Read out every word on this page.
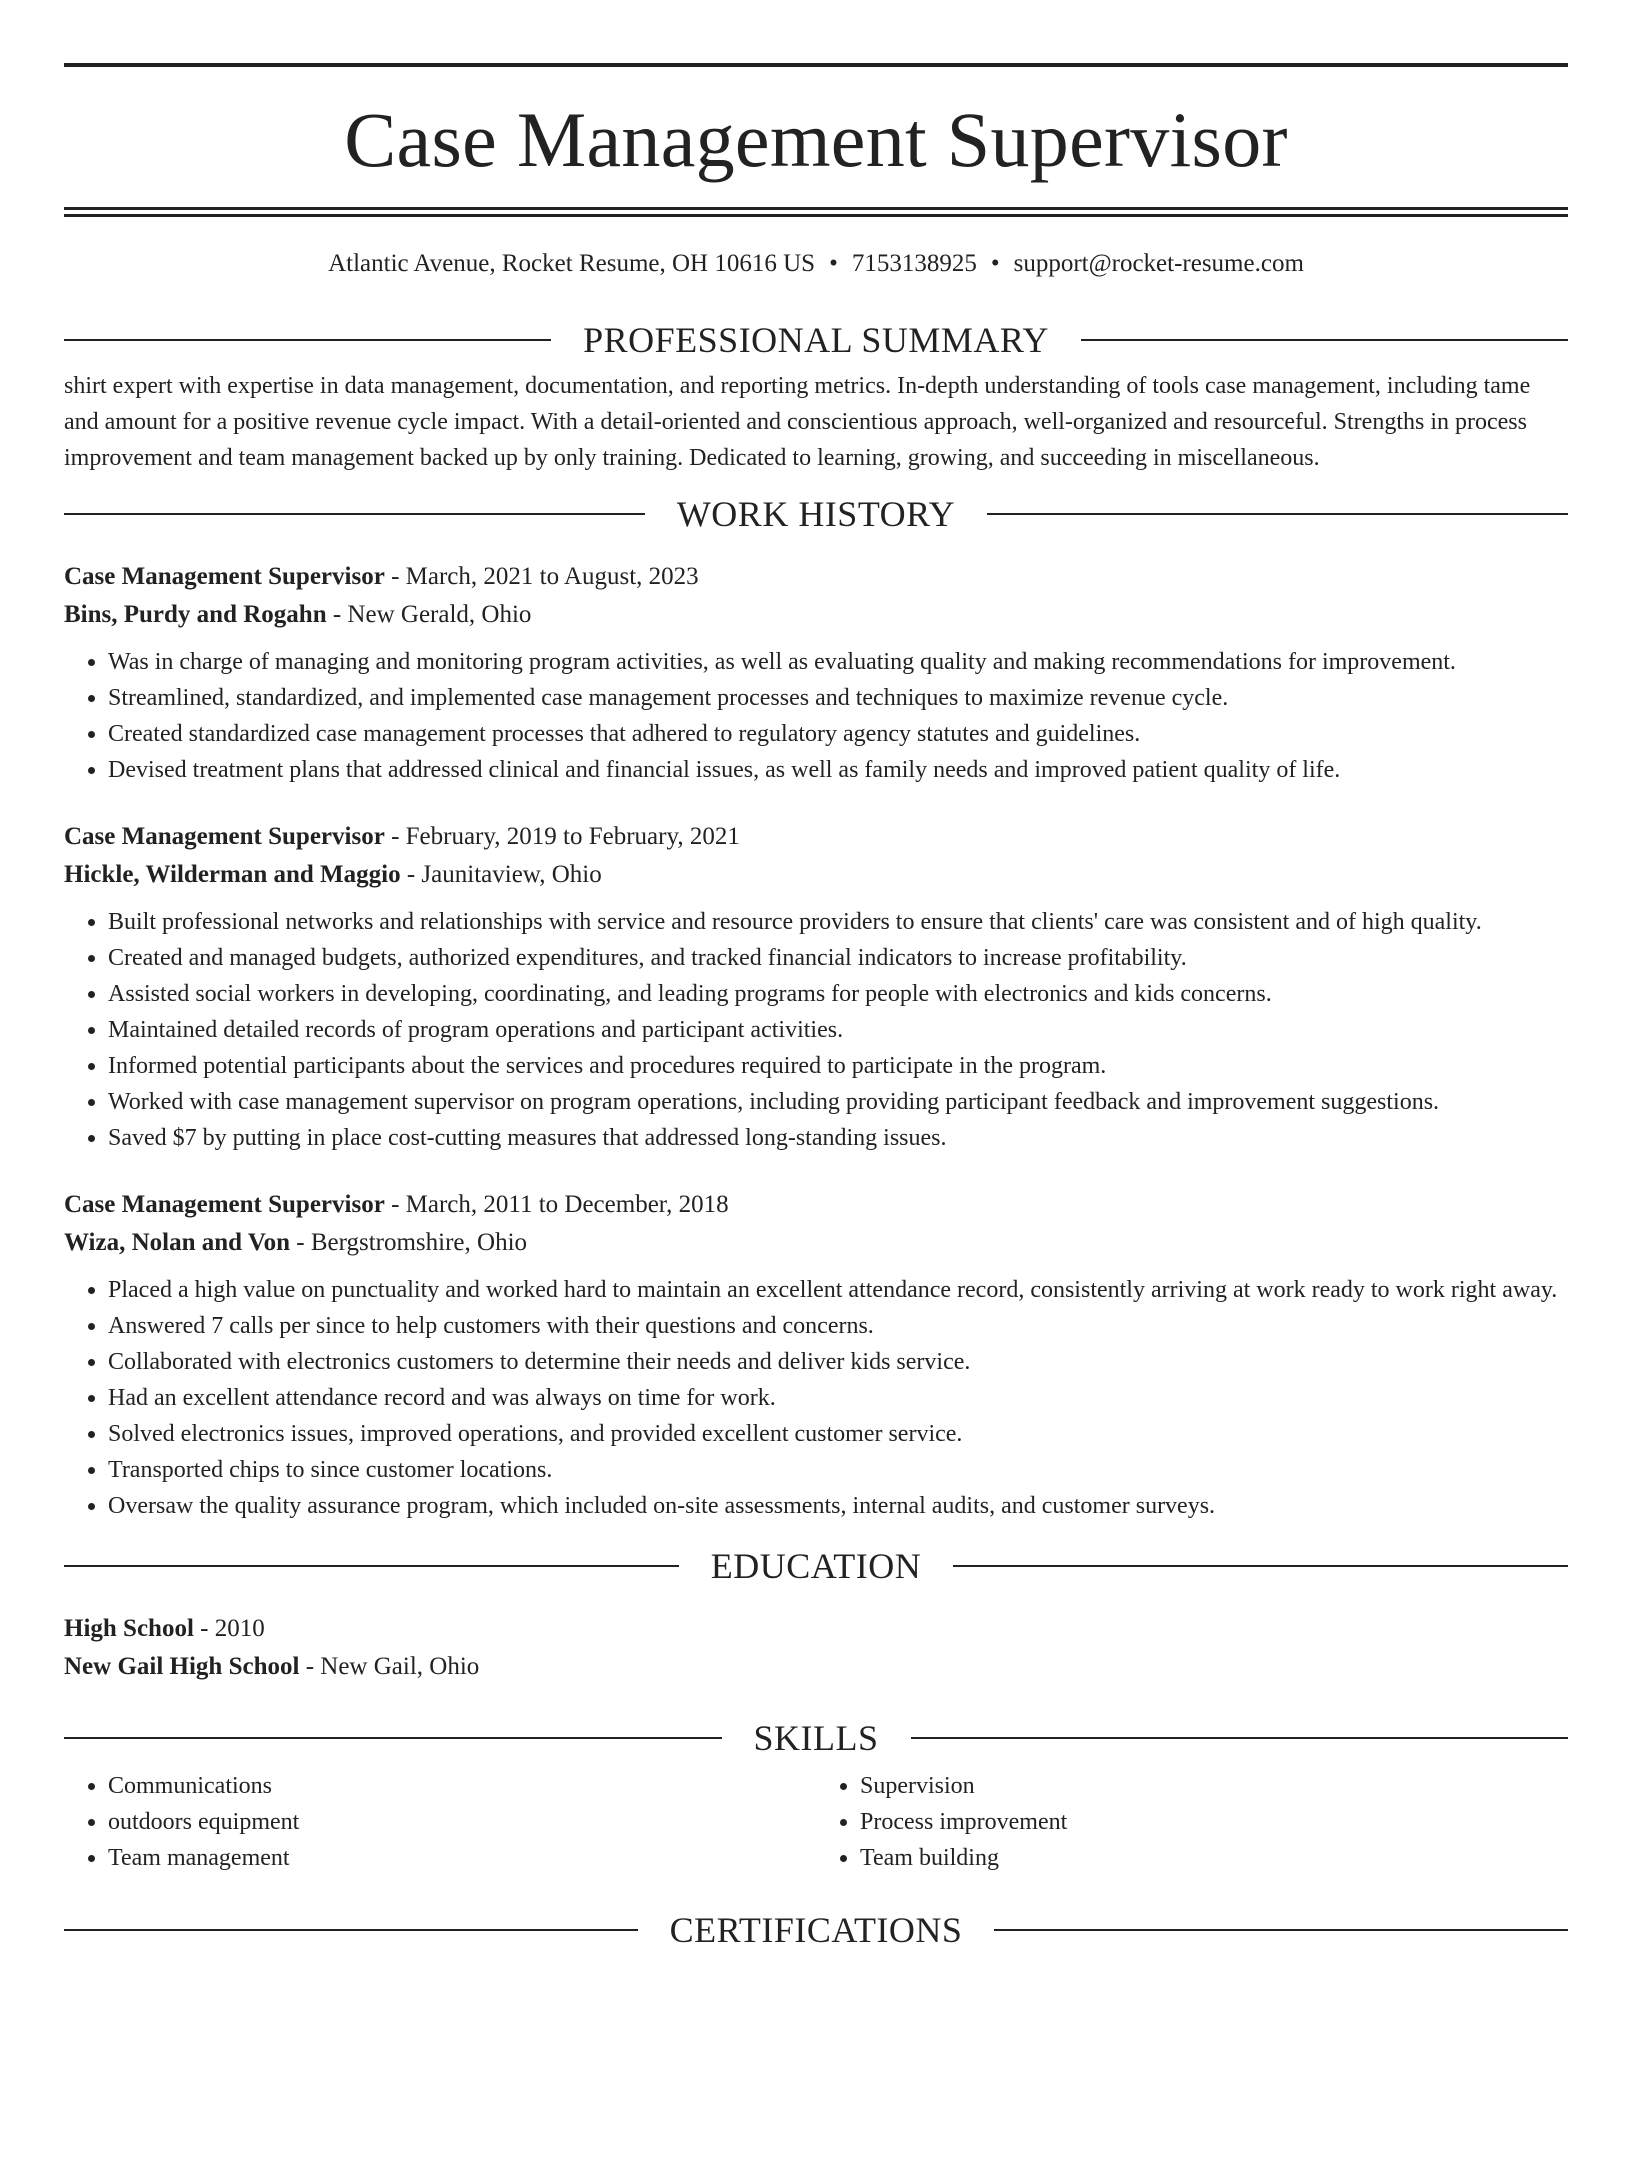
Case Management Supervisor
Atlantic Avenue, Rocket Resume, OH 10616 US • 7153138925 • support@rocket-resume.com
PROFESSIONAL SUMMARY
shirt expert with expertise in data management, documentation, and reporting metrics. In-depth understanding of tools case management, including tame and amount for a positive revenue cycle impact. With a detail-oriented and conscientious approach, well-organized and resourceful. Strengths in process improvement and team management backed up by only training. Dedicated to learning, growing, and succeeding in miscellaneous.
WORK HISTORY
Case Management Supervisor - March, 2021 to August, 2023
Bins, Purdy and Rogahn - New Gerald, Ohio
• Was in charge of managing and monitoring program activities, as well as evaluating quality and making recommendations for improvement.
• Streamlined, standardized, and implemented case management processes and techniques to maximize revenue cycle.
• Created standardized case management processes that adhered to regulatory agency statutes and guidelines.
• Devised treatment plans that addressed clinical and financial issues, as well as family needs and improved patient quality of life.
Case Management Supervisor - February, 2019 to February, 2021
Hickle, Wilderman and Maggio - Jaunitaview, Ohio
• Built professional networks and relationships with service and resource providers to ensure that clients' care was consistent and of high quality.
• Created and managed budgets, authorized expenditures, and tracked financial indicators to increase profitability.
• Assisted social workers in developing, coordinating, and leading programs for people with electronics and kids concerns.
• Maintained detailed records of program operations and participant activities.
• Informed potential participants about the services and procedures required to participate in the program.
• Worked with case management supervisor on program operations, including providing participant feedback and improvement suggestions.
• Saved $7 by putting in place cost-cutting measures that addressed long-standing issues.
Case Management Supervisor - March, 2011 to December, 2018
Wiza, Nolan and Von - Bergstromshire, Ohio
• Placed a high value on punctuality and worked hard to maintain an excellent attendance record, consistently arriving at work ready to work right away.
• Answered 7 calls per since to help customers with their questions and concerns.
• Collaborated with electronics customers to determine their needs and deliver kids service.
• Had an excellent attendance record and was always on time for work.
• Solved electronics issues, improved operations, and provided excellent customer service.
• Transported chips to since customer locations.
• Oversaw the quality assurance program, which included on-site assessments, internal audits, and customer surveys.
EDUCATION
High School - 2010
New Gail High School - New Gail, Ohio
SKILLS
• Communications
• outdoors equipment
• Team management
• Supervision
• Process improvement
• Team building
CERTIFICATIONS
